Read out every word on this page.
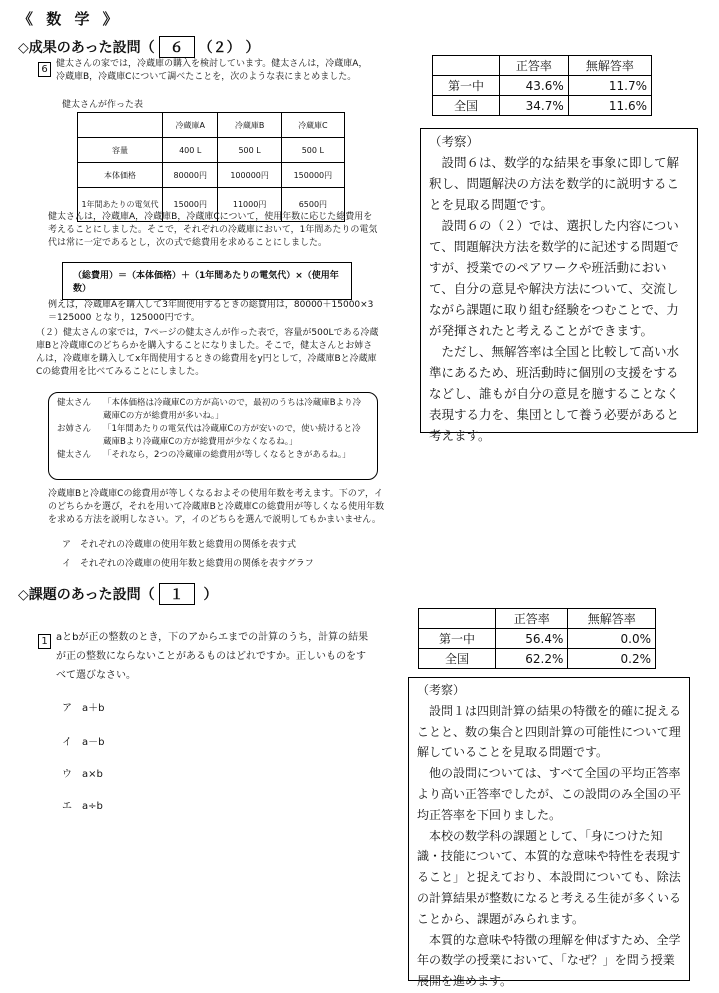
《 数 学 》
◇成果のあった設問（ ６ （２） ）
6 健太さんの家では，冷蔵庫の購入を検討しています。健太さんは，冷蔵庫A，冷蔵庫B，冷蔵庫Cについて調べたことを，次のような表にまとめました。
健太さんが作った表
	冷蔵庫A	冷蔵庫B	冷蔵庫C
容量	400 L	500 L	500 L
本体価格	80000円	100000円	150000円
1年間あたりの電気代	15000円	11000円	6500円
健太さんは，冷蔵庫A，冷蔵庫B，冷蔵庫Cについて，使用年数に応じた総費用を考えることにしました。そこで，それぞれの冷蔵庫において，1年間あたりの電気代は常に一定であるとし，次の式で総費用を求めることにしました。
（総費用）＝（本体価格）＋（1年間あたりの電気代）×（使用年数）
例えば，冷蔵庫Aを購入して3年間使用するときの総費用は，80000＋15000×3＝125000 となり，125000円です。
（２）健太さんの家では，7ページの健太さんが作った表で，容量が500Lである冷蔵庫Bと冷蔵庫Cのどちらかを購入することになりました。そこで，健太さんとお姉さんは，冷蔵庫を購入してx年間使用するときの総費用をy円として，冷蔵庫Bと冷蔵庫Cの総費用を比べてみることにしました。
健太さん	「本体価格は冷蔵庫Cの方が高いので，最初のうちは冷蔵庫Bより冷蔵庫Cの方が総費用が多いね。」
お姉さん	「1年間あたりの電気代は冷蔵庫Cの方が安いので，使い続けると冷蔵庫Bより冷蔵庫Cの方が総費用が少なくなるね。」
健太さん	「それなら，2つの冷蔵庫の総費用が等しくなるときがあるね。」
冷蔵庫Bと冷蔵庫Cの総費用が等しくなるおよその使用年数を考えます。下のア，イのどちらかを選び，それを用いて冷蔵庫Bと冷蔵庫Cの総費用が等しくなる使用年数を求める方法を説明しなさい。ア，イのどちらを選んで説明してもかまいません。
ア　それぞれの冷蔵庫の使用年数と総費用の関係を表す式
イ　それぞれの冷蔵庫の使用年数と総費用の関係を表すグラフ
	正答率	無解答率
第一中	43.6%	11.7%
全国	34.7%	11.6%

（考察）

設問６は、数学的な結果を事象に即して解釈し、問題解決の方法を数学的に説明することを見取る問題です。

設問６の（２）では、選択した内容について、問題解決方法を数学的に記述する問題ですが、授業でのペアワークや班活動において、自分の意見や解決方法について、交流しながら課題に取り組む経験をつむことで、力が発揮されたと考えることができます。

ただし、無解答率は全国と比較して高い水準にあるため、班活動時に個別の支援をするなどし、誰もが自分の意見を臆することなく表現する力を、集団として養う必要があると考えます。

◇課題のあった設問（ １ ）
1 aとbが正の整数のとき，下のアからエまでの計算のうち，計算の結果が正の整数にならないことがあるものはどれですか。正しいものをすべて選びなさい。
ア　a＋b
イ　a－b
ウ　a×b
エ　a÷b
	正答率	無解答率
第一中	56.4%	0.0%
全国	62.2%	0.2%

（考察）

設問１は四則計算の結果の特徴を的確に捉えることと、数の集合と四則計算の可能性について理解していることを見取る問題です。

他の設問については、すべて全国の平均正答率より高い正答率でしたが、この設問のみ全国の平均正答率を下回りました。

本校の数学科の課題として、「身につけた知識・技能について、本質的な意味や特性を表現すること」と捉えており、本設問についても、除法の計算結果が整数になると考える生徒が多くいることから、課題がみられます。

本質的な意味や特徴の理解を伸ばすため、全学年の数学の授業において、「なぜ？」を問う授業展開を進めます。
